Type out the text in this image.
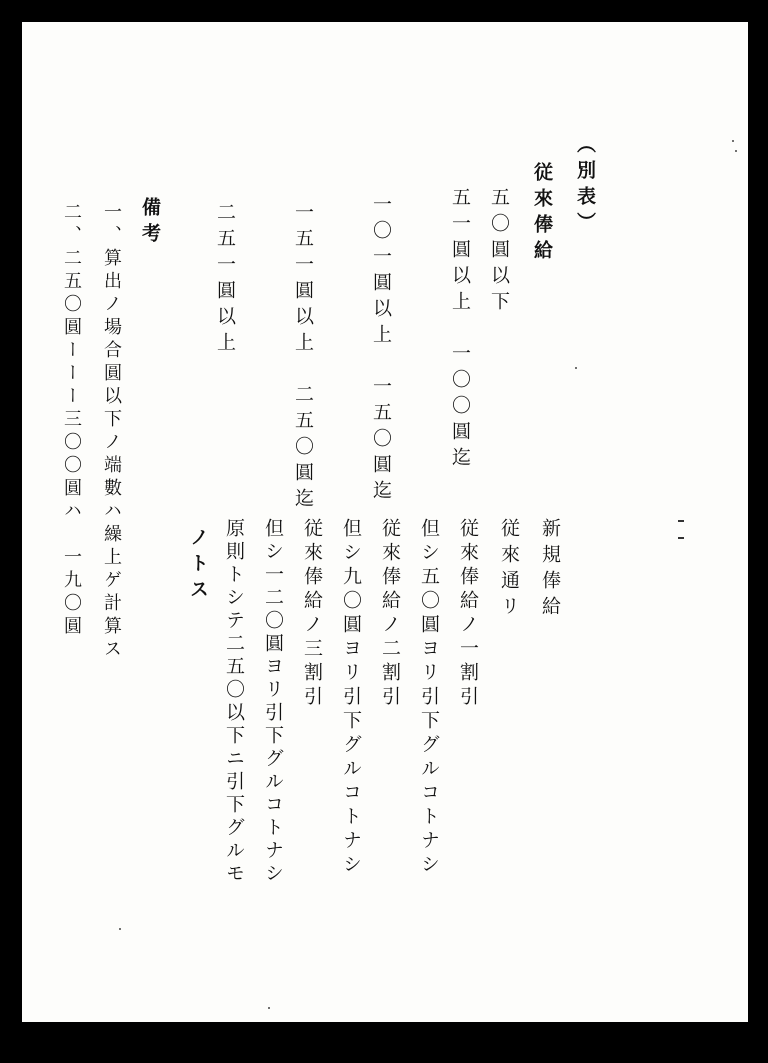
（別表）
従來俸給
五〇圓以下
五一圓以上　一〇〇圓迄
一〇一圓以上　一五〇圓迄
一五一圓以上　二五〇圓迄
二五一圓以上
備考
一、算出ノ場合圓以下ノ端數ハ繰上ゲ計算ス
二、二五〇圓ーーー三〇〇圓ハ　一九〇圓	新規俸給
従來通リ
従來俸給ノ一割引
但シ五〇圓ヨリ引下グルコトナシ
従來俸給ノ二割引
但シ九〇圓ヨリ引下グルコトナシ
従來俸給ノ三割引
但シ一二〇圓ヨリ引下グルコトナシ
原則トシテ二五〇以下ニ引下グルモ
ノトス
